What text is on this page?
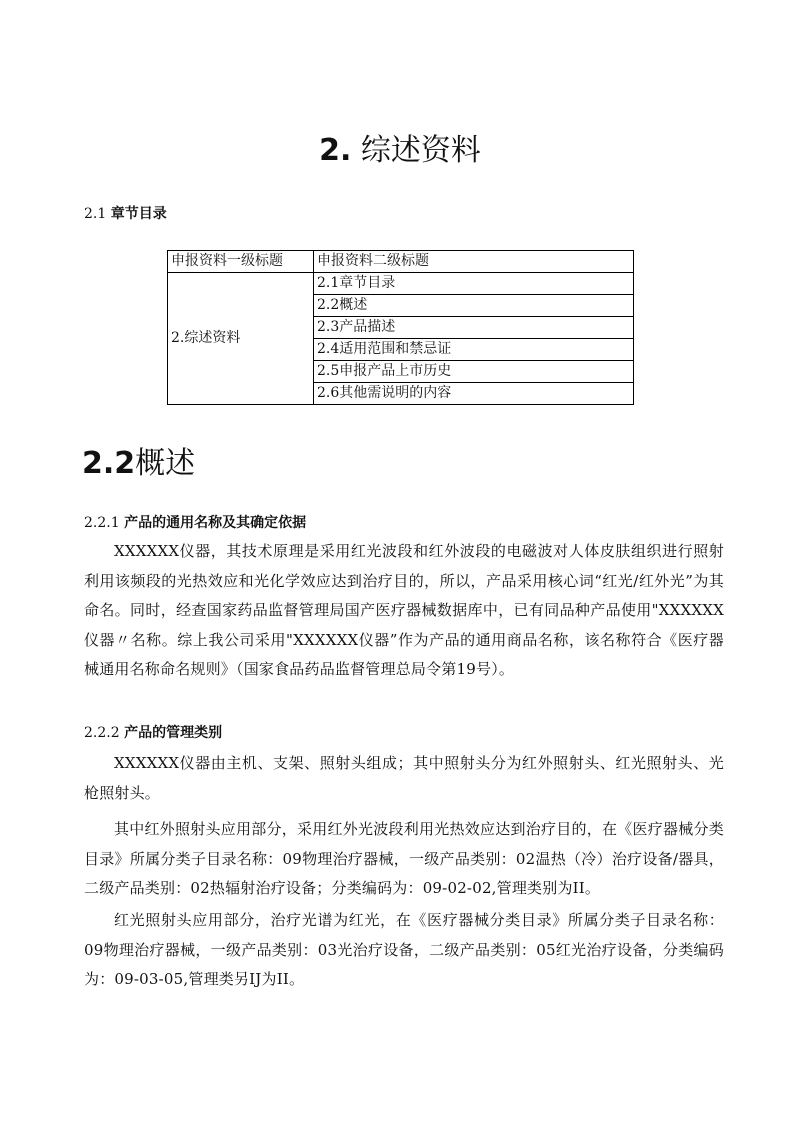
2. 综述资料
2.1 章节目录
申报资料一级标题	申报资料二级标题
2.综述资料	2.1章节目录
	2.2概述
	2.3产品描述
	2.4适用范围和禁忌证
	2.5申报产品上市历史
	2.6其他需说明的内容
2.2概述
2.2.1 产品的通用名称及其确定依据
XXXXXX仪器，其技术原理是采用红光波段和红外波段的电磁波对人体皮肤组织进行照射利用该频段的光热效应和光化学效应达到治疗目的，所以，产品采用核心词“红光/红外光”为其命名。同时，经查国家药品监督管理局国产医疗器械数据库中，已有同品种产品使用"XXXXXX仪器〃名称。综上我公司采用"XXXXXX仪器”作为产品的通用商品名称，该名称符合《医疗器械通用名称命名规则》（国家食品药品监督管理总局令第19号）。
2.2.2 产品的管理类别
XXXXXX仪器由主机、支架、照射头组成；其中照射头分为红外照射头、红光照射头、光枪照射头。
其中红外照射头应用部分，采用红外光波段利用光热效应达到治疗目的，在《医疗器械分类目录》所属分类子目录名称：09物理治疗器械，一级产品类别：02温热（冷）治疗设备/器具，二级产品类别：02热辐射治疗设备；分类编码为：09-02-02,管理类别为II。
红光照射头应用部分，治疗光谱为红光，在《医疗器械分类目录》所属分类子目录名称：09物理治疗器械，一级产品类别：03光治疗设备，二级产品类别：05红光治疗设备，分类编码为：09-03-05,管理类另IJ为II。
